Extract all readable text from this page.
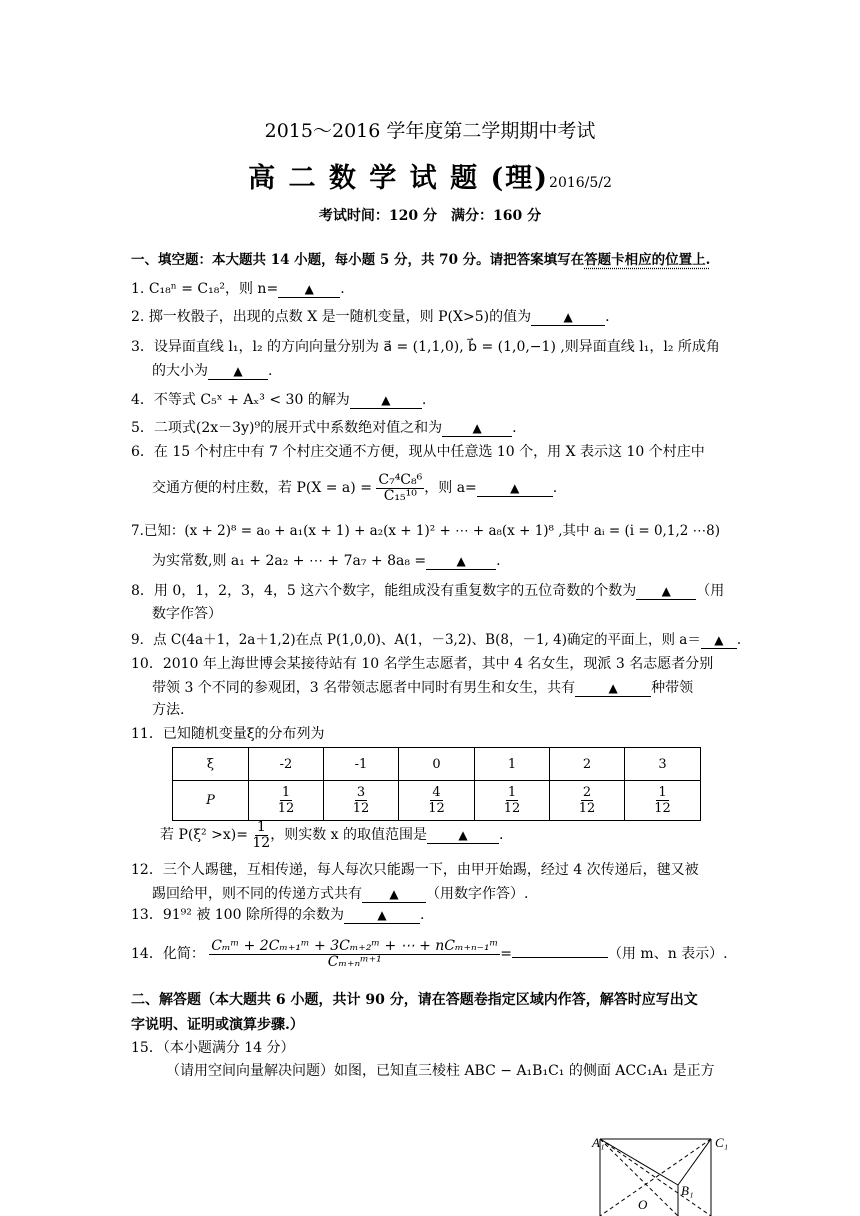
2015～2016 学年度第二学期期中考试
高 二 数 学 试 题 (理)2016/5/2
考试时间：120 分　满分：160 分
一、填空题：本大题共 14 小题，每小题 5 分，共 70 分。请把答案填写在答题卡相应的位置上.
1. C₁₈ⁿ = C₁₈²，则 n= ▲ .
2. 掷一枚骰子，出现的点数 X 是一随机变量，则 P(X>5)的值为	▲ .
3．设异面直线 l₁，l₂ 的方向向量分别为 a⃗ = (1,1,0), b⃗ = (1,0,−1) ,则异面直线 l₁，l₂ 所成角
的大小为 ▲ .
4．不等式 C₅ˣ + Aₓ³ < 30 的解为	▲ .
5．二项式(2x－3y)⁹的展开式中系数绝对值之和为	▲ .
6．在 15 个村庄中有 7 个村庄交通不方便，现从中任意选 10 个，用 X 表示这 10 个村庄中
交通方便的村庄数，若 $P(X = a) = \frac{\text{C₇⁴C₈⁶}}{\text{C₁₅¹⁰}}$ ，则 a=	▲ .
7.已知：(x + 2)⁸ = a₀ + a₁(x + 1) + a₂(x + 1)² + ⋯ + a₈(x + 1)⁸ ,其中 aᵢ = (i = 0,1,2 ⋯8)
为实常数,则 a₁ + 2a₂ + ⋯ + 7a₇ + 8a₈ =	▲ .
8．用 0，1，2，3，4，5 这六个数字，能组成没有重复数字的五位奇数的个数为 ▲ （用
数字作答）
9．点 C(4a＋1，2a＋1,2)在点 P(1,0,0)、A(1，－3,2)、B(8，－1, 4)确定的平面上，则 a＝ ▲ .
10．2010 年上海世博会某接待站有 10 名学生志愿者，其中 4 名女生，现派 3 名志愿者分别
带领 3 个不同的参观团，3 名带领志愿者中同时有男生和女生，共有	▲ 种带领
方法.
11．已知随机变量ξ的分布列为
ξ	-2	-1	0	1	2	3
P	$\frac{1}{12}$	$\frac{3}{12}$	$\frac{4}{12}$	$\frac{1}{12}$	$\frac{2}{12}$	$\frac{1}{12}$
若 $P(\xi^2 >x)= \frac{1}{12}$ ，则实数 x 的取值范围是	▲ .
12．三个人踢毽，互相传递，每人每次只能踢一下，由甲开始踢，经过 4 次传递后，毽又被
踢回给甲，则不同的传递方式共有 ▲ （用数字作答）.
13．91⁹² 被 100 除所得的余数为	▲ .
14．化简： $\frac{\text{Cₘᵐ + 2Cₘ₊₁ᵐ + 3Cₘ₊₂ᵐ + ⋯ + nCₘ₊ₙ₋₁ᵐ}}{\text{Cₘ₊ₙᵐ⁺¹}}$ =	（用 m、n 表示）.
二、解答题（本大题共 6 小题，共计 90 分，请在答题卷指定区域内作答，解答时应写出文
字说明、证明或演算步骤.）
15．（本小题满分 14 分）
（请用空间向量解决问题）如图，已知直三棱柱 ABC − A₁B₁C₁ 的侧面 ACC₁A₁ 是正方
A₁	C₁
B₁
O
